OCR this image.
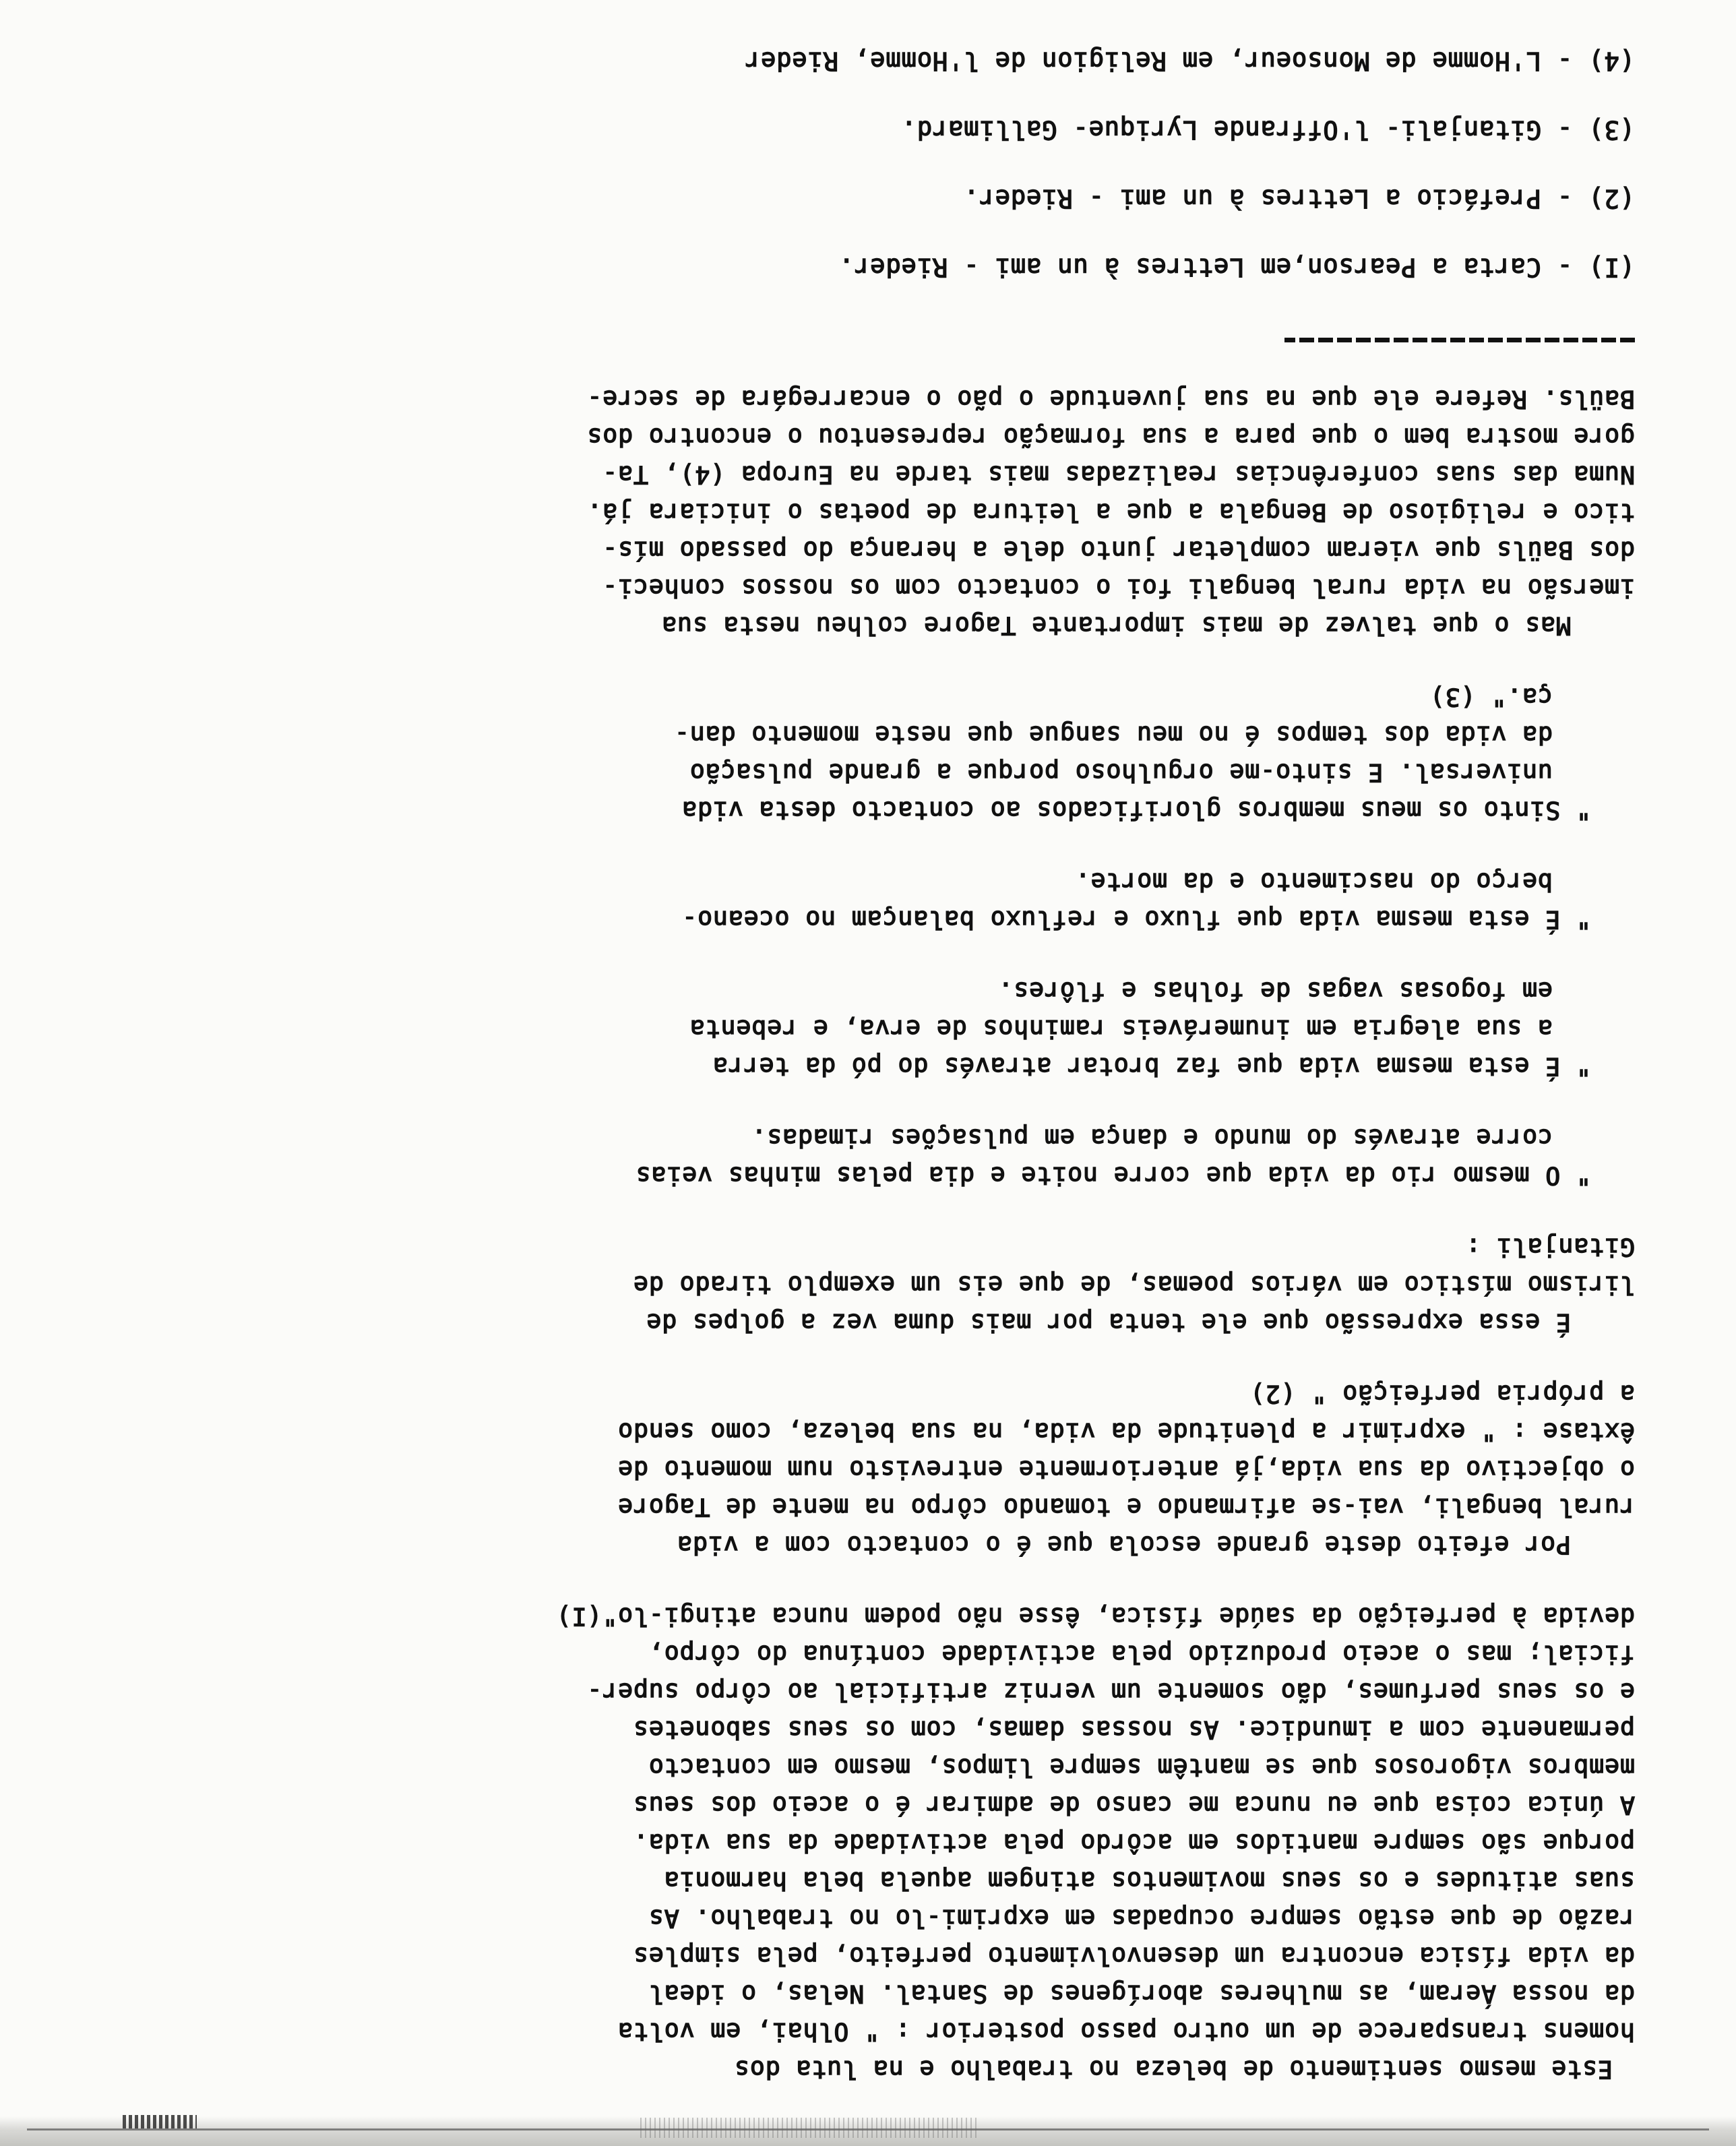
Este mesmo sentimento de beleza no trabalho e na luta dos
homens transparece de um outro passo posterior : " Olhai, em volta
da nossa Áeram, as mulheres aborígenes de Santal. Nelas, o ideal
da vida física encontra um desenvolvimento perfeito, pela simples
razão de que estão sempre ocupadas em exprimi-lo no trabalho. As
suas atitudes e os seus movimentos atingem aquela bela harmonia
porque são sempre mantidos em acôrdo pela actividade da sua vida.
A única coisa que eu nunca me canso de admirar é o aceio dos seus
membros vigorosos que se mantêm sempre limpos, mesmo em contacto
permanente com a imundice. As nossas damas, com os seus sabonetes
e os seus perfumes, dão somente um verniz artificial ao côrpo super-
ficial; mas o aceio produzido pela actividade contínua do côrpo,
devida à perfeição da saúde física, êsse não podem nunca atingi-lo"(I)
Por efeito deste grande escola que é o contacto com a vida
rural bengali, vai-se afirmando e tomando côrpo na mente de Tagore
o objectivo da sua vida,já anteriormente entrevisto num momento de
êxtase : " exprimir a plenitude da vida, na sua beleza, como sendo
a própria perfeição " (2)
É essa expressão que ele tenta por mais duma vez a golpes de
lirismo místico em vários poemas, de que eis um exemplo tirado de
Gitanjali :
" O mesmo rio da vida que corre noite e dia pelas minhas veias
corre através do mundo e dança em pulsações rimadas.
" É esta mesma vida que faz brotar através do pó da terra
a sua alegria em inumeráveis raminhos de erva, e rebenta
em fogosas vagas de folhas e flôres.
" É esta mesma vida que fluxo e refluxo balançam no oceano-
berço do nascimento e da morte.
" Sinto os meus membros glorificados ao contacto desta vida
universal. E sinto-me orgulhoso porque a grande pulsação
da vida dos tempos é no meu sangue que neste momento dan-
ça." (3)
Mas o que talvez de mais importante Tagore colheu nesta sua
imersão na vida rural bengali foi o contacto com os nossos conheci-
dos Baüls que vieram completar junto dele a herança do passado mís-
tico e religioso de Bengala a que a leitura de poetas o iniciara já.
Numa das suas conferências realizadas mais tarde na Europa (4), Ta-
gore mostra bem o que para a sua formação representou o encontro dos
Baüls. Refere ele que na sua juventude o pão o encarregára de secre-
(I) - Carta a Pearson,em Lettres à un ami - Rieder.
(2) - Prefácio a Lettres à un ami - Rieder.
(3) - Gitanjali- l'Offrande Lyrique- Gallimard.
(4) - L'Homme de Monsoeur, em Religion de l'Homme, Rieder
